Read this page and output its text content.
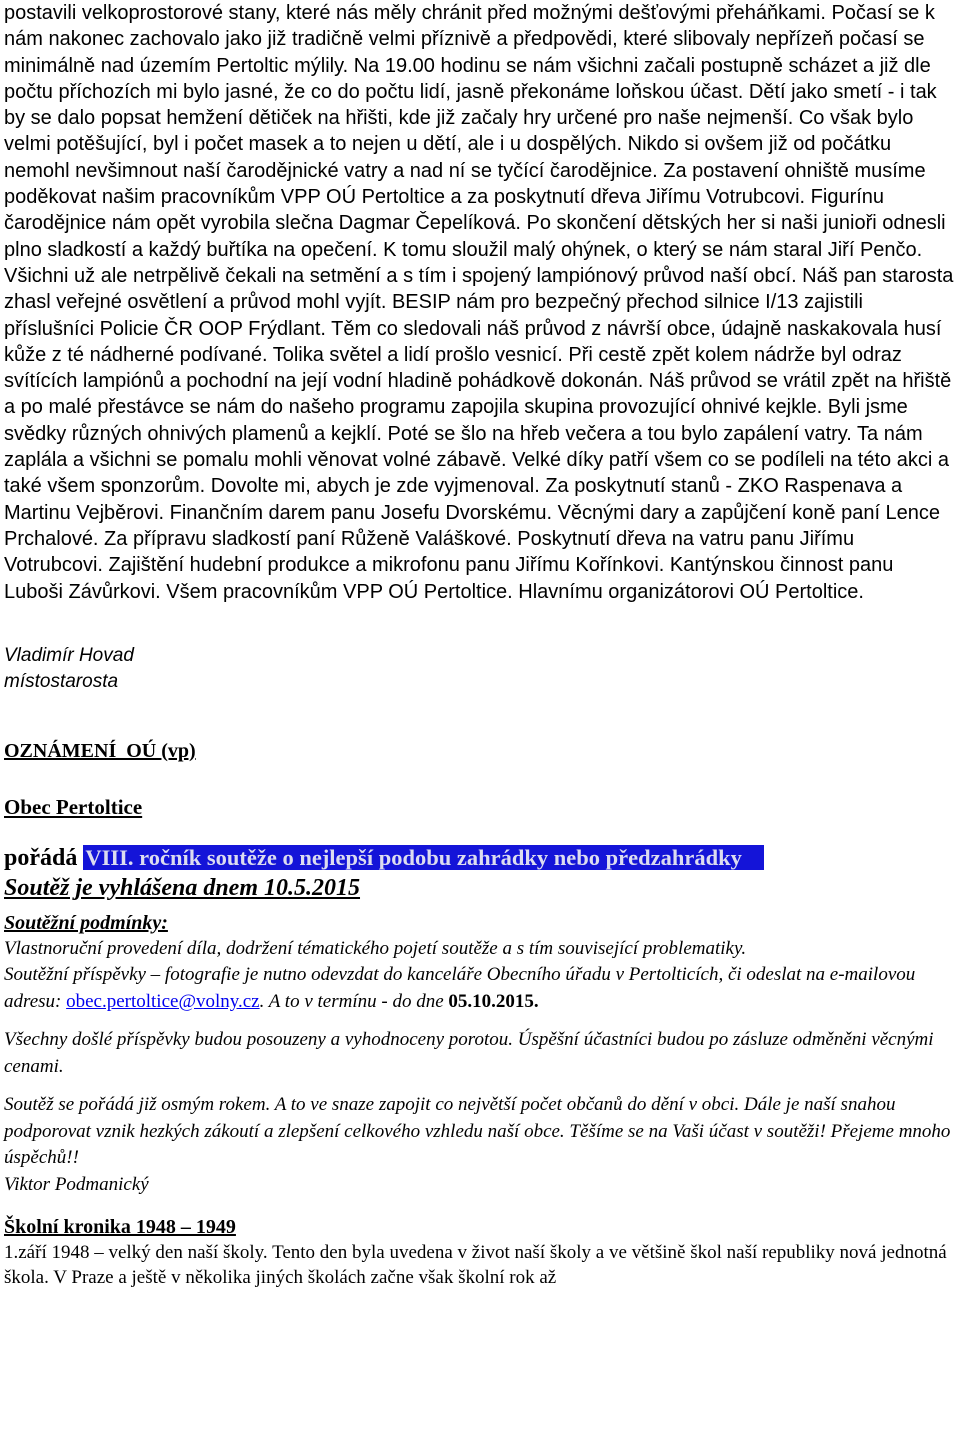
postavili velkoprostorové stany, které nás měly chránit před možnými dešťovými přeháňkami. Počasí se k nám nakonec zachovalo jako již tradičně velmi příznivě a předpovědi, které slibovaly nepřízeň počasí se minimálně nad územím Pertoltic mýlily. Na 19.00 hodinu se nám všichni začali postupně scházet a již dle počtu příchozích mi bylo jasné, že co do počtu lidí, jasně překonáme loňskou účast. Dětí jako smetí - i tak by se dalo popsat hemžení dětiček na hřišti, kde již začaly hry určené pro naše nejmenší. Co však bylo velmi potěšující, byl i počet masek a to nejen u dětí, ale i u dospělých. Nikdo si ovšem již od počátku nemohl nevšimnout naší čarodějnické vatry a nad ní se tyčící čarodějnice. Za postavení ohniště musíme poděkovat našim pracovníkům VPP OÚ Pertoltice a za poskytnutí dřeva Jiřímu Votrubcovi. Figurínu čarodějnice nám opět vyrobila slečna Dagmar Čepelíková. Po skončení dětských her si naši junioři odnesli plno sladkostí a každý buřtíka na opečení. K tomu sloužil malý ohýnek, o který se nám staral Jiří Penčo. Všichni už ale netrpělivě čekali na setmění a s tím i spojený lampiónový průvod naší obcí. Náš pan starosta zhasl veřejné osvětlení a průvod mohl vyjít. BESIP nám pro bezpečný přechod silnice I/13 zajistili příslušníci Policie ČR OOP Frýdlant. Těm co sledovali náš průvod z návrší obce, údajně naskakovala husí kůže z té nádherné podívané. Tolika světel a lidí prošlo vesnicí. Při cestě zpět kolem nádrže byl odraz svítících lampiónů a pochodní na její vodní hladině pohádkově dokonán. Náš průvod se vrátil zpět na hřiště a po malé přestávce se nám do našeho programu zapojila skupina provozující ohnivé kejkle. Byli jsme svědky různých ohnivých plamenů a kejklí. Poté se šlo na hřeb večera a tou bylo zapálení vatry. Ta nám zaplála a všichni se pomalu mohli věnovat volné zábavě. Velké díky patří všem co se podíleli na této akci a také všem sponzorům. Dovolte mi, abych je zde vyjmenoval. Za poskytnutí stanů - ZKO Raspenava a Martinu Vejběrovi. Finančním darem panu Josefu Dvorskému. Věcnými dary a zapůjčení koně paní Lence Prchalové. Za přípravu sladkostí paní Růženě Valáškové. Poskytnutí dřeva na vatru panu Jiřímu Votrubcovi. Zajištění hudební produkce a mikrofonu panu Jiřímu Kořínkovi. Kantýnskou činnost panu Luboši Závůrkovi. Všem pracovníkům VPP OÚ Pertoltice. Hlavnímu organizátorovi OÚ Pertoltice.

Vladimír Hovad
místostarosta
OZNÁMENÍ  OÚ (vp)
Obec Pertoltice
pořádá VIII. ročník soutěže o nejlepší podobu zahrádky nebo předzahrádky
Soutěž je vyhlášena dnem 10.5.2015
Soutěžní podmínky:

Vlastnoruční provedení díla, dodržení tématického pojetí soutěže a s tím související problematiky.

Soutěžní příspěvky – fotografie je nutno odevzdat do kanceláře Obecního úřadu v Pertolticích, či odeslat na e-mailovou adresu: obec.pertoltice@volny.cz. A to v termínu - do dne 05.10.2015.

Všechny došlé příspěvky budou posouzeny a vyhodnoceny porotou. Úspěšní účastníci budou po zásluze odměněni věcnými cenami.

Soutěž se pořádá již osmým rokem. A to ve snaze zapojit co největší počet občanů do dění v obci. Dále je naší snahou podporovat vznik hezkých zákoutí a zlepšení celkového vzhledu naší obce. Těšíme se na Vaši účast v soutěži! Přejeme mnoho úspěchů!!

Viktor Podmanický

Školní kronika 1948 – 1949

1.září 1948 – velký den naší školy. Tento den byla uvedena v život naší školy a ve většině škol naší republiky nová jednotná škola. V Praze a ještě v několika jiných školách začne však školní rok až
